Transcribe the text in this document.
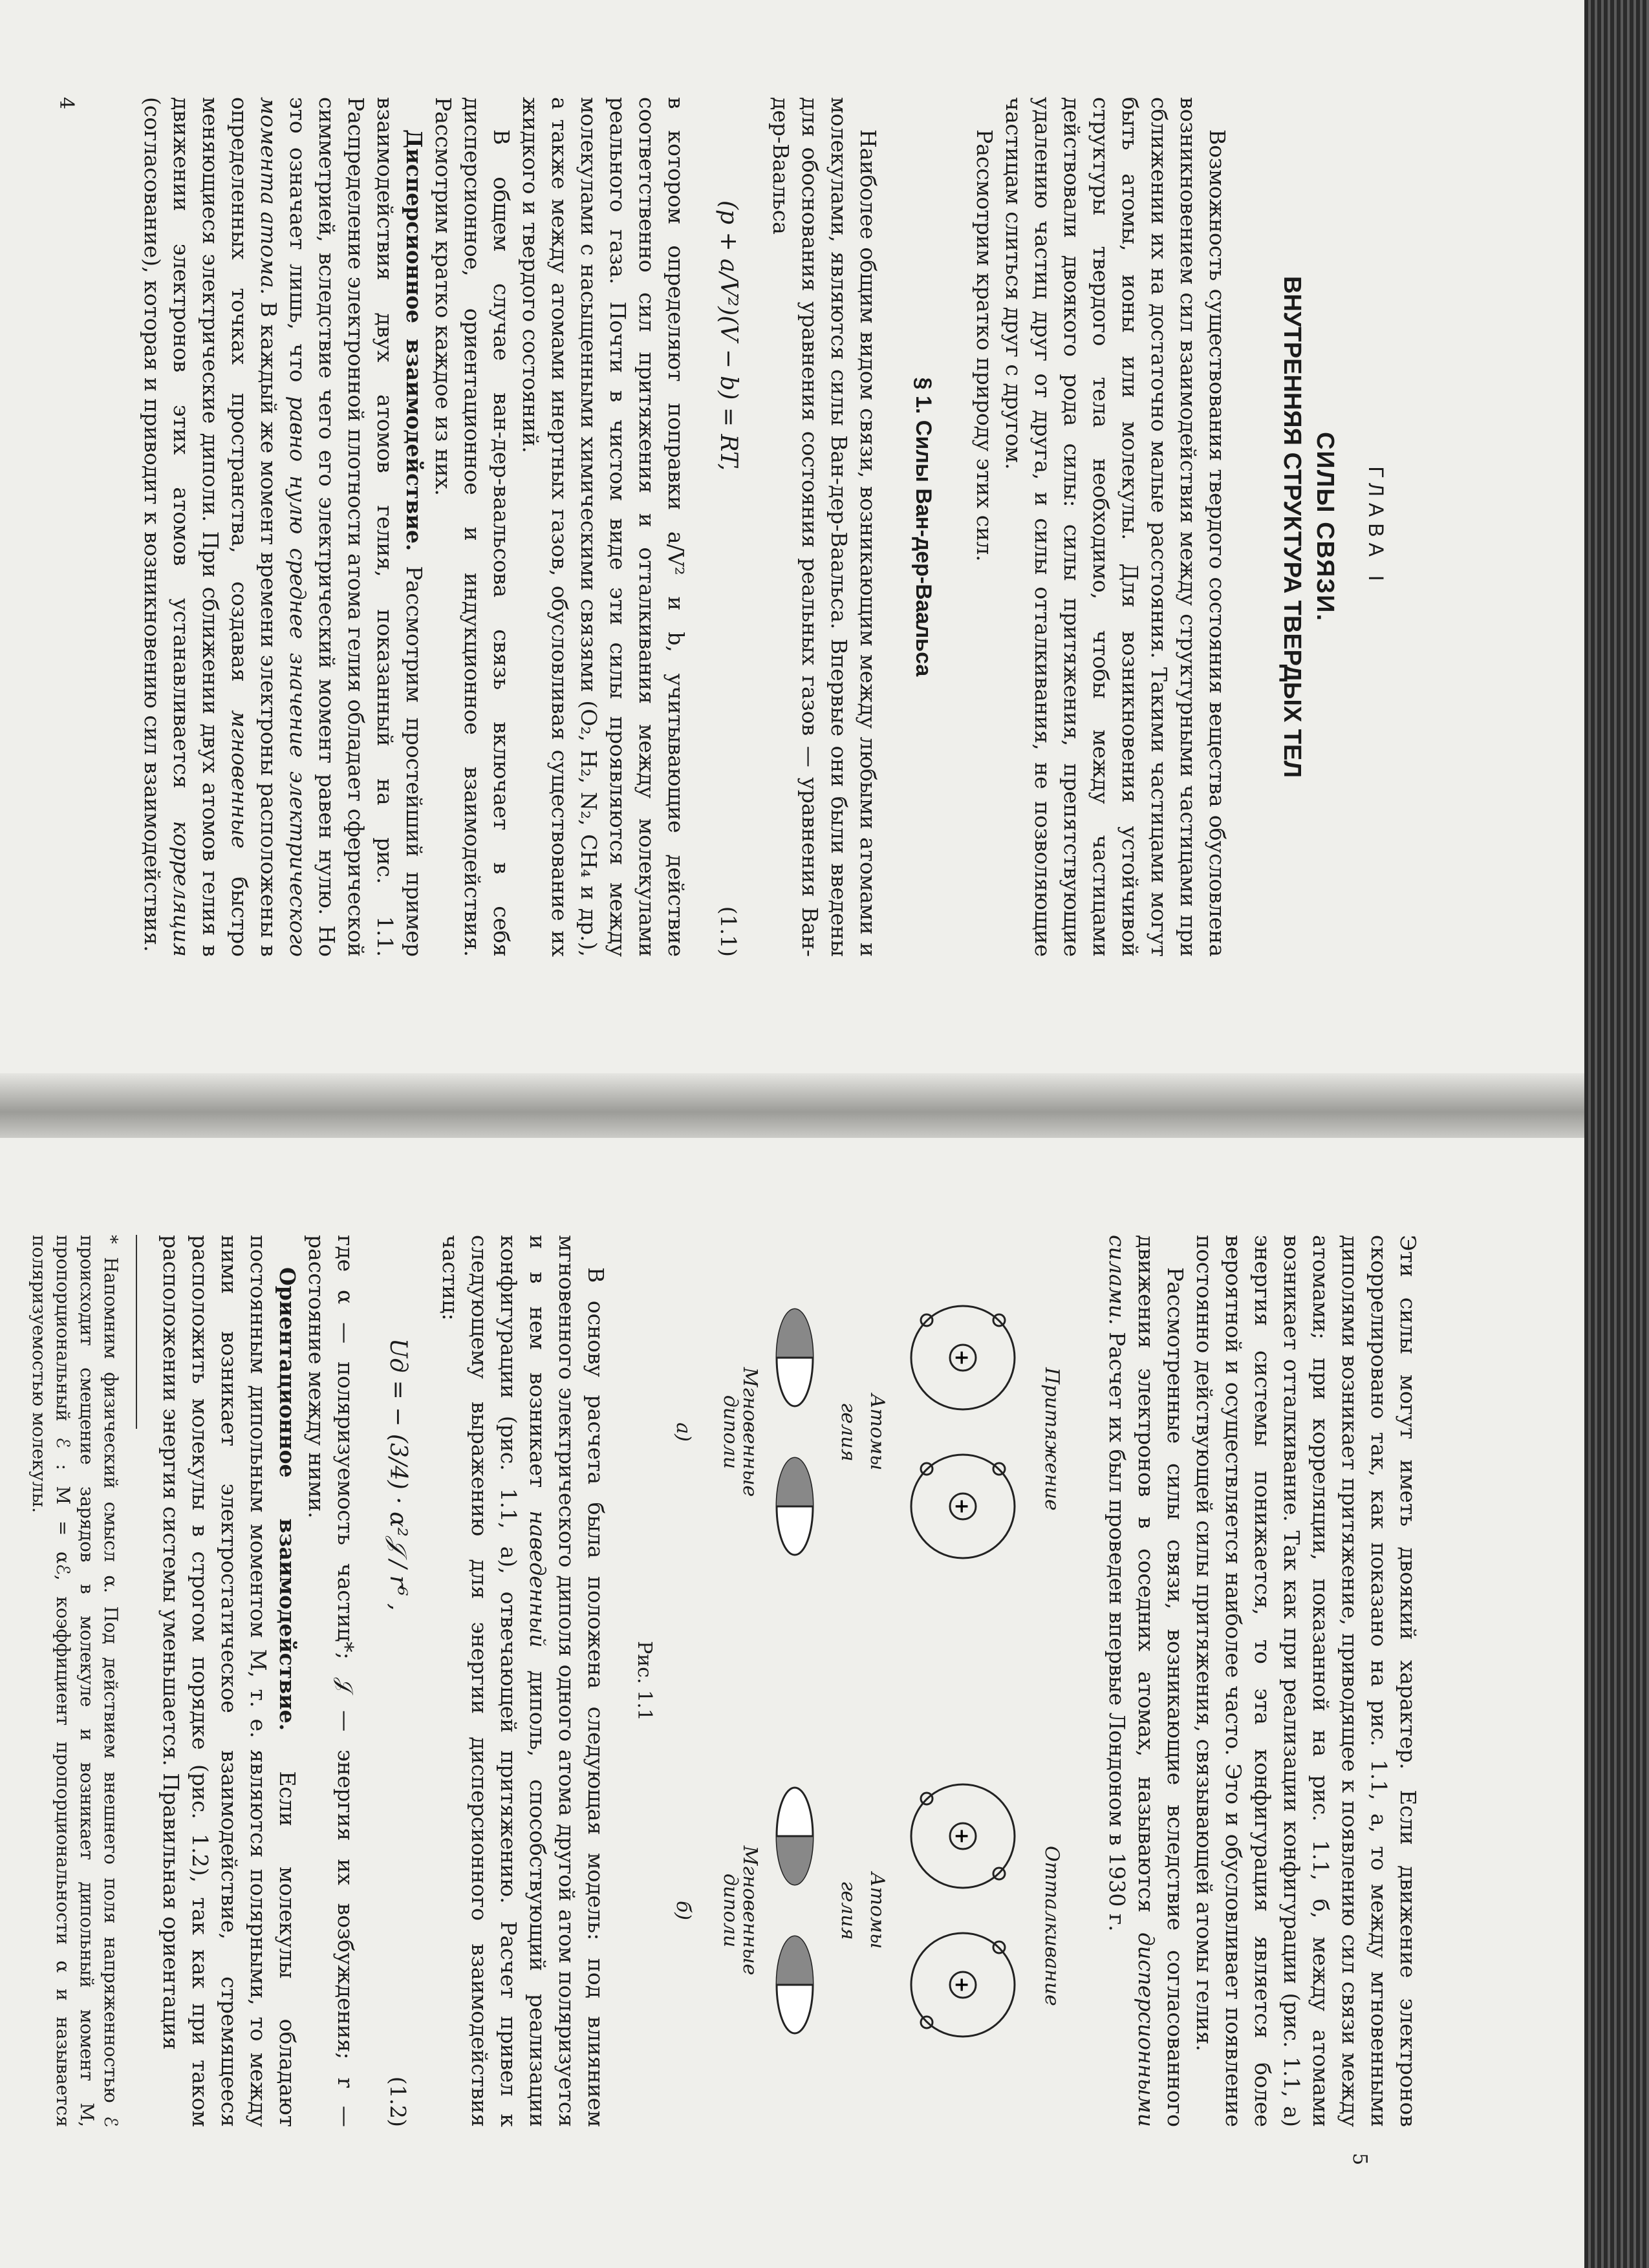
ГЛАВА I
СИЛЫ СВЯЗИ.
ВНУТРЕННЯЯ СТРУКТУРА ТВЕРДЫХ ТЕЛ

Возможность существования твердого состояния вещества обусловлена возникновением сил взаимодействия между структурными частицами при сближении их на достаточно малые расстояния. Такими частицами могут быть атомы, ионы или молекулы. Для возникновения устойчивой структуры твердого тела необходимо, чтобы между частицами действовали двоякого рода силы: силы притяжения, препятствующие удалению частиц друг от друга, и силы отталкивания, не позволяющие частицам слиться друг с другом.

Рассмотрим кратко природу этих сил.

§ 1. Силы Ван-дер-Ваальса

Наиболее общим видом связи, возникающим между любыми атомами и молекулами, являются силы Ван-дер-Ваальса. Впервые они были введены для обоснования уравнения состояния реальных газов — уравнения Ван-дер-Ваальса

(p + a/V²)(V − b) = RT,
(1.1)

в котором определяют поправки a/V² и b, учитывающие действие соответственно сил притяжения и отталкивания между молекулами реального газа. Почти в чистом виде эти силы проявляются между молекулами с насыщенными химическими связями (O₂, H₂, N₂, CH₄ и др.), а также между атомами инертных газов, обусловливая существование их жидкого и твердого состояний.

В общем случае ван-дер-ваальсова связь включает в себя дисперсионное, ориентационное и индукционное взаимодействия. Рассмотрим кратко каждое из них.

Дисперсионное взаимодействие. Рассмотрим простейший пример взаимодействия двух атомов гелия, показанный на рис. 1.1. Распределение электронной плотности атома гелия обладает сферической симметрией, вследствие чего его электрический момент равен нулю. Но это означает лишь, что равно нулю среднее значение электрического момента атома. В каждый же момент времени электроны расположены в определенных точках пространства, создавая мгновенные быстро меняющиеся электрические диполи. При сближении двух атомов гелия в движении электронов этих атомов устанавливается корреляция (согласование), которая и приводит к возникновению сил взаимодействия.

4

Эти силы могут иметь двоякий характер. Если движение электронов скоррелировано так, как показано на рис. 1.1, а, то между мгновенными диполями возникает притяжение, приводящее к появлению сил связи между атомами; при корреляции, показанной на рис. 1.1, б, между атомами возникает отталкивание. Так как при реализации конфигурации (рис. 1.1, а) энергия системы понижается, то эта конфигурация является более вероятной и осуществляется наиболее часто. Это и обусловливает появление постоянно действующей силы притяжения, связывающей атомы гелия.

Рассмотренные силы связи, возникающие вследствие согласованного движения электронов в соседних атомах, называются дисперсионными силами. Расчет их был проведен впервые Лондоном в 1930 г.

+
+
+
+
Притяжение
Отталкивание
Атомы гелия
Атомы гелия
Мгновенные диполи
Мгновенные диполи
а)
б)
Рис. 1.1

В основу расчета была положена следующая модель: под влиянием мгновенного электрического диполя одного атома другой атом поляризуется и в нем возникает наведенный диполь, способствующий реализации конфигурации (рис. 1.1, а), отвечающей притяжению. Расчет привел к следующему выражению для энергии дисперсионного взаимодействия частиц:

Uд = − (3/4) · α²𝒥 / r⁶ ,
(1.2)

где α — поляризуемость частиц*; 𝒥 — энергия их возбуждения; r — расстояние между ними.

Ориентационное взаимодействие. Если молекулы обладают постоянным дипольным моментом M, т. е. являются полярными, то между ними возникает электростатическое взаимодействие, стремящееся расположить молекулы в строгом порядке (рис. 1.2), так как при таком расположении энергия системы уменьшается. Правильная ориентация

* Напомним физический смысл α. Под действием внешнего поля напряженностью ℰ происходит смещение зарядов в молекуле и возникает дипольный момент M, пропорциональный ℰ : M = αℰ, коэффициент пропорциональности α и называется поляризуемостью молекулы.
5
